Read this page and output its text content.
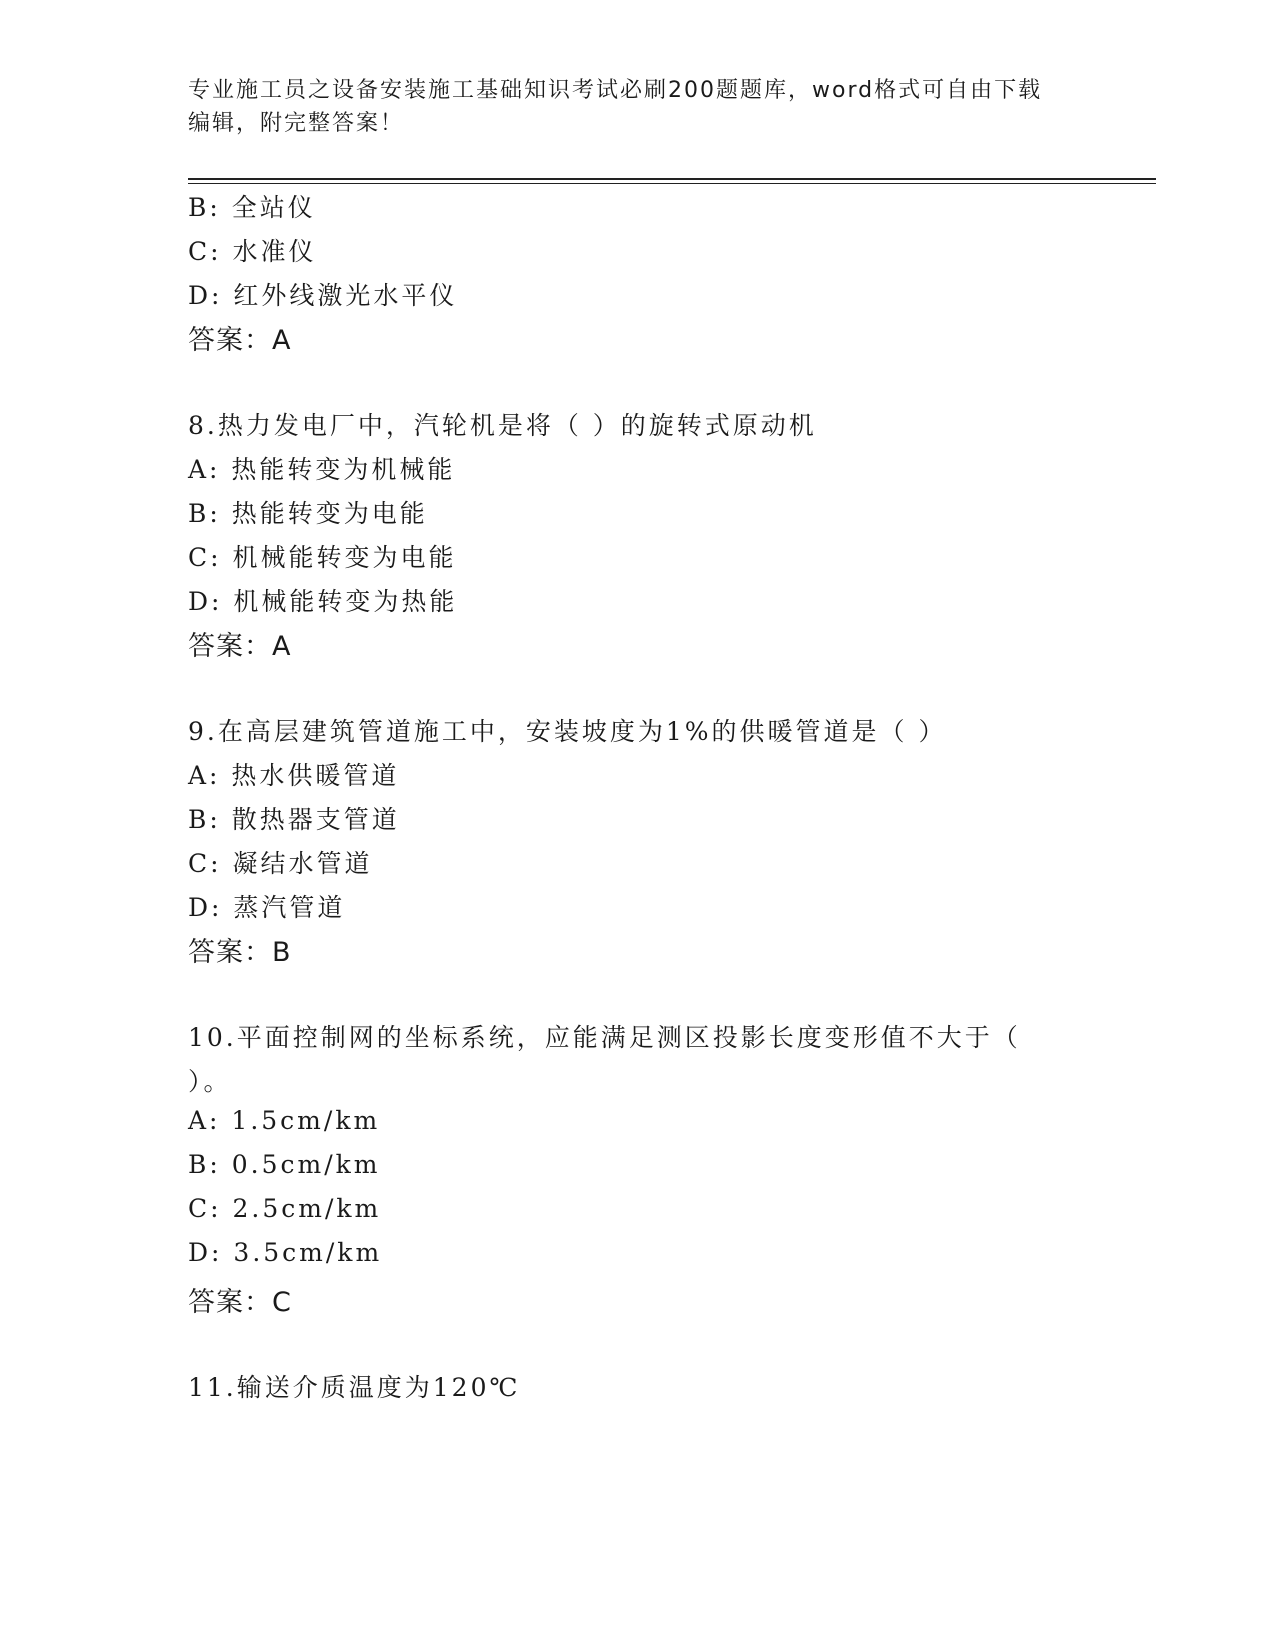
专业施工员之设备安装施工基础知识考试必刷200题题库，word格式可自由下载
编辑，附完整答案！
B: 全站仪
C: 水准仪
D: 红外线激光水平仪
答案：A
8.热力发电厂中，汽轮机是将（ ）的旋转式原动机
A: 热能转变为机械能
B: 热能转变为电能
C: 机械能转变为电能
D: 机械能转变为热能
答案：A
9.在高层建筑管道施工中，安装坡度为1%的供暖管道是（ ）
A: 热水供暖管道
B: 散热器支管道
C: 凝结水管道
D: 蒸汽管道
答案：B
10.平面控制网的坐标系统，应能满足测区投影长度变形值不大于（
）。
A: 1.5cm/km
B: 0.5cm/km
C: 2.5cm/km
D: 3.5cm/km
答案：C
11.输送介质温度为120℃
